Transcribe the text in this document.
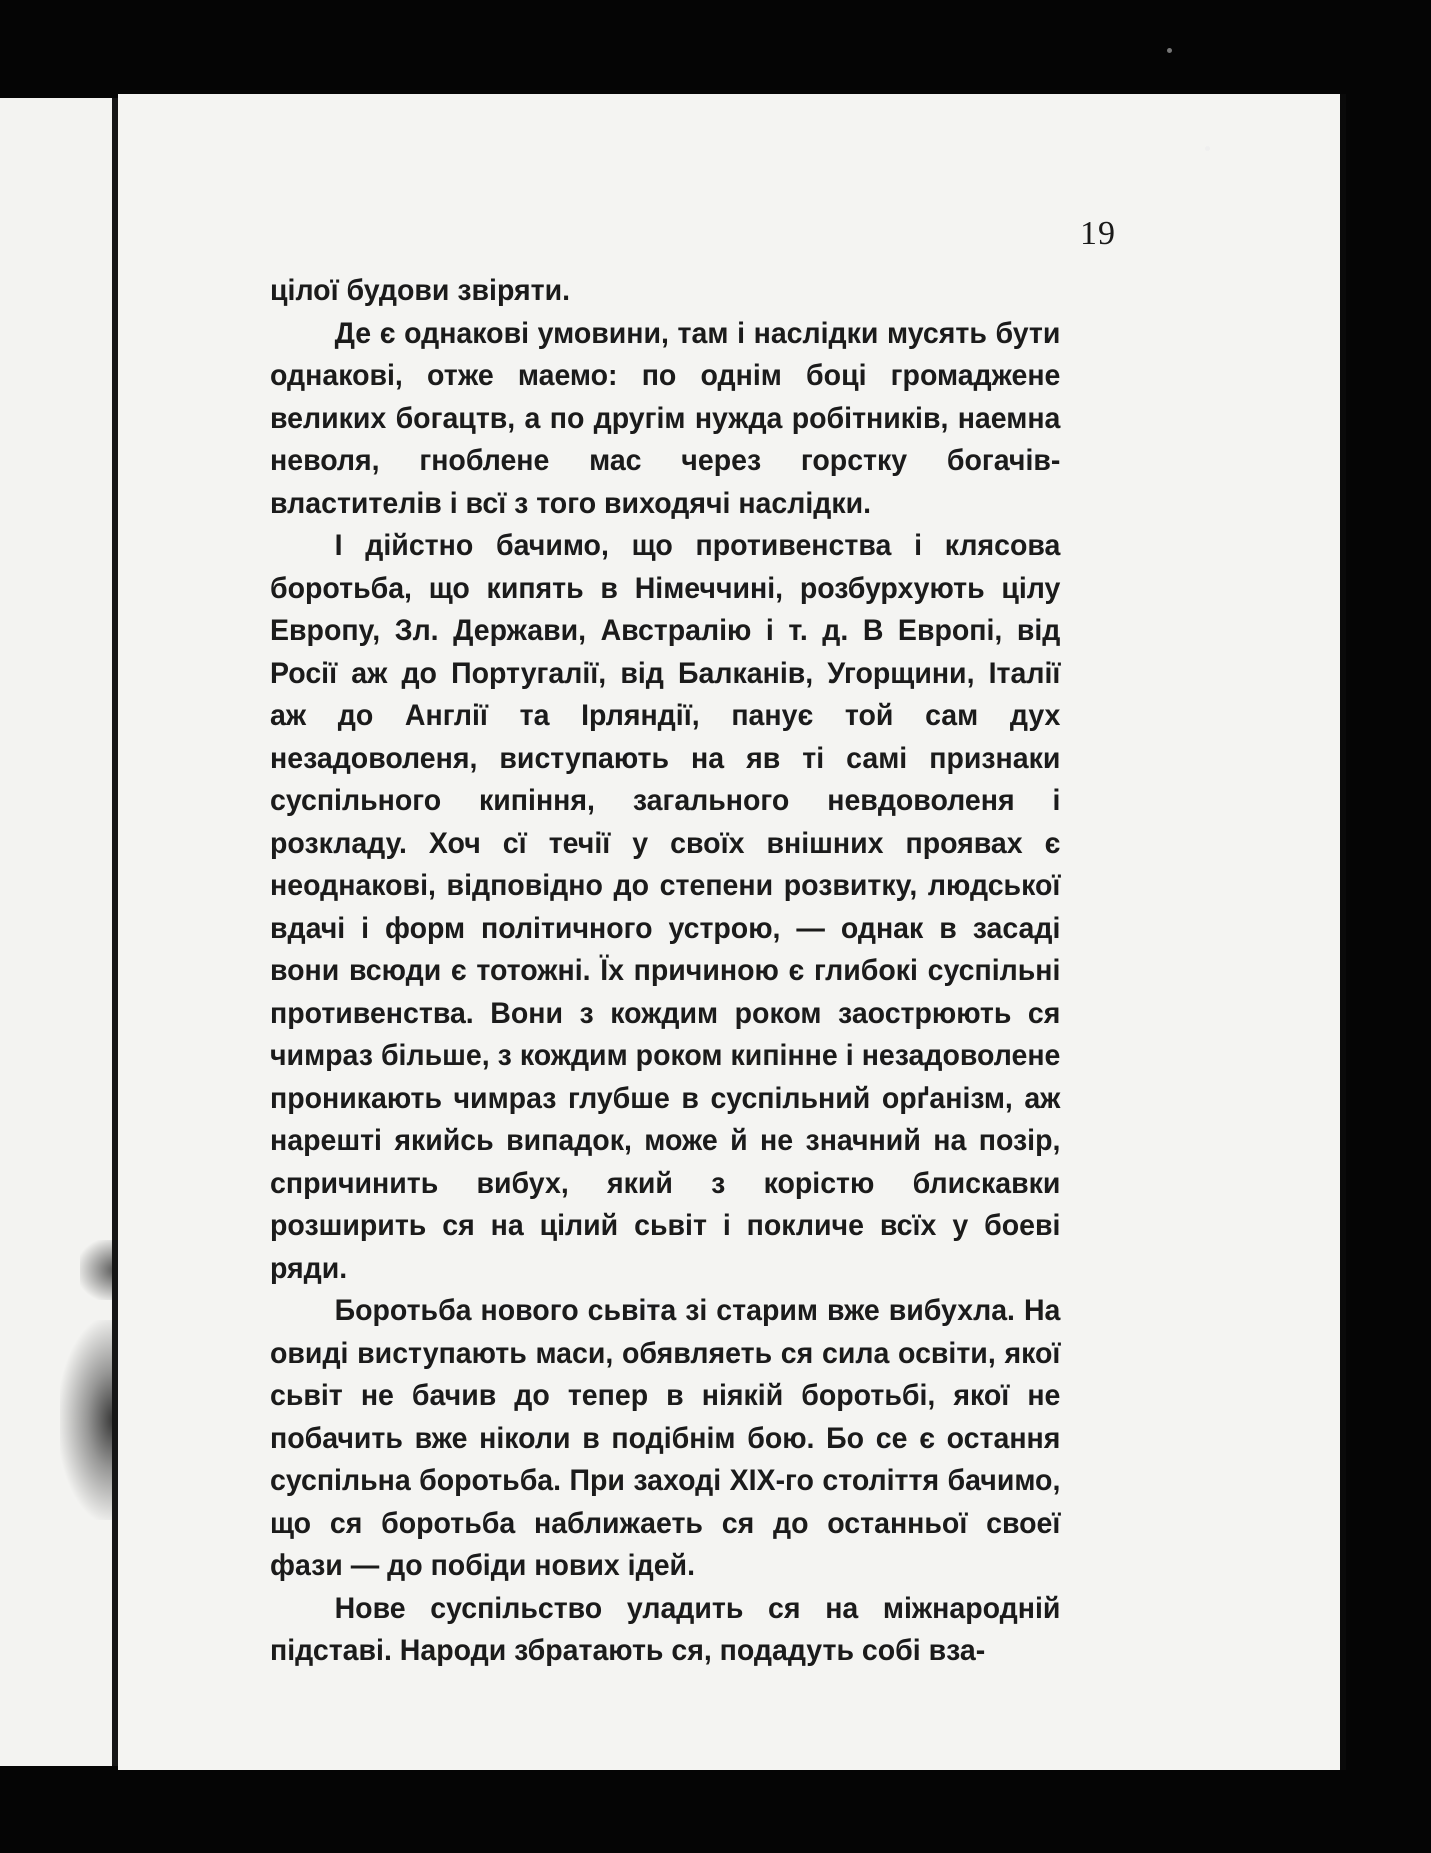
19

цілої будови звіряти.

Де є однакові умовини, там і наслідки мусять бути однакові, отже маемо: по однім боці громаджене великих богацтв, а по другім нужда робітників, наемна неволя, гноблене мас через горстку богачів-властителів і всї з того виходячі наслідки.

І дійстно бачимо, що противенства і клясова боротьба, що кипять в Німеччині, розбурхують цілу Европу, Зл. Держави, Австралію і т. д. В Европі, від Росії аж до Португалії, від Балканів, Угорщини, Італії аж до Англії та Ірляндії, панує той сам дух незадоволеня, виступають на яв ті самі признаки суспільного кипіння, загального невдоволеня і розкладу. Хоч сї течії у своїх внішних проявах є неоднакові, відповідно до степени розвитку, людської вдачі і форм політичного устрою, — однак в засаді вони всюди є тотожні. Їх причиною є глибокі суспільні противенства. Вони з кождим роком заострюють ся чимраз більше, з кождим роком кипінне і незадоволене проникають чимраз глубше в суспільний орґанізм, аж нарешті якийсь випадок, може й не значний на позір, спричинить вибух, який з корістю блискавки розширить ся на цілий сьвіт і покличе всїх у боеві ряди.

Боротьба нового сьвіта зі старим вже вибухла. На овиді виступають маси, обявляеть ся сила освіти, якої сьвіт не бачив до тепер в ніякій боротьбі, якої не побачить вже ніколи в подібнім бою. Бо се є остання суспільна боротьба. При заході XIX-го століття бачимо, що ся боротьба наближаеть ся до останньої своеї фази — до побіди нових ідей.

Нове суспільство уладить ся на міжнародній підставі. Народи збратають ся, подадуть собі вза-
